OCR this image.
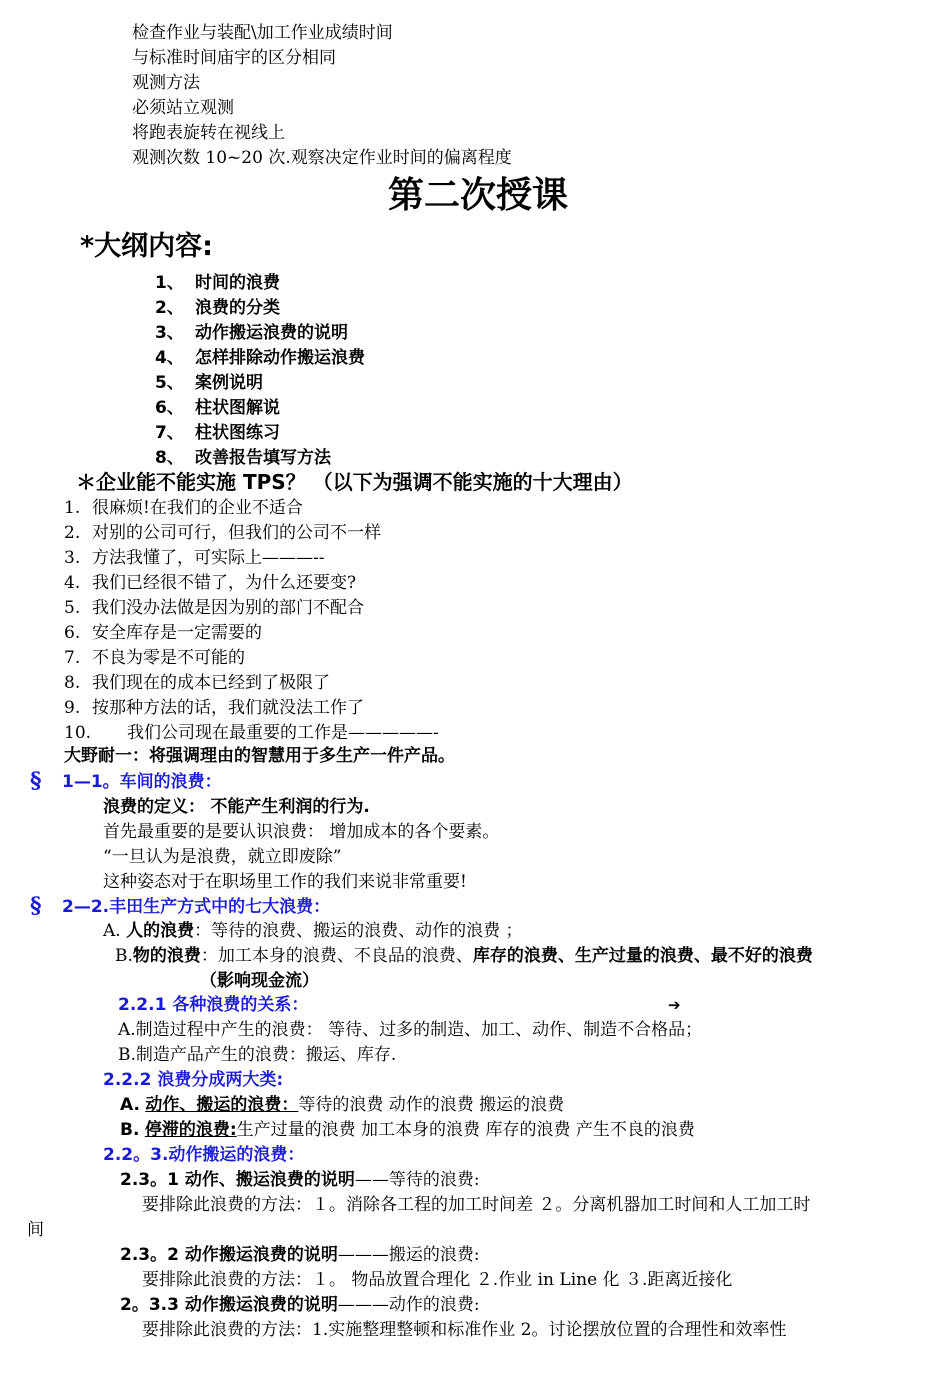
检查作业与装配\加工作业成绩时间
与标准时间庙宇的区分相同
观测方法
必须站立观测
将跑表旋转在视线上
观测次数 10~20 次.观察决定作业时间的偏离程度
第二次授课
*大纲内容:
1、 时间的浪费
2、 浪费的分类
3、 动作搬运浪费的说明
4、 怎样排除动作搬运浪费
5、 案例说明
6、 柱状图解说
7、 柱状图练习
8、 改善报告填写方法
＊企业能不能实施 TPS？ （以下为强调不能实施的十大理由）
1. 很麻烦!在我们的企业不适合
2. 对别的公司可行，但我们的公司不一样
3. 方法我懂了，可实际上———--
4. 我们已经很不错了，为什么还要变?
5. 我们没办法做是因为别的部门不配合
6. 安全库存是一定需要的
7. 不良为零是不可能的
8. 我们现在的成本已经到了极限了
9. 按那种方法的话，我们就没法工作了
10. 我们公司现在最重要的工作是—————-
大野耐一：将强调理由的智慧用于多生产一件产品。
§ 1—1。车间的浪费：
浪费的定义： 不能产生利润的行为.
首先最重要的是要认识浪费： 增加成本的各个要素。
“一旦认为是浪费，就立即废除”
这种姿态对于在职场里工作的我们来说非常重要!
§ 2—2.丰田生产方式中的七大浪费：
A. 人的浪费：等待的浪费、搬运的浪费、动作的浪费 ；
B.物的浪费：加工本身的浪费、不良品的浪费、库存的浪费、生产过量的浪费、最不好的浪费
（影响现金流）
2.2.1 各种浪费的关系：	➔
A.制造过程中产生的浪费： 等待、过多的制造、加工、动作、制造不合格品；
B.制造产品产生的浪费：搬运、库存.
2.2.2 浪费分成两大类:
A. 动作、搬运的浪费：等待的浪费 动作的浪费 搬运的浪费
B. 停滞的浪费:生产过量的浪费 加工本身的浪费 库存的浪费 产生不良的浪费
2.2。3.动作搬运的浪费：
2.3。1 动作、搬运浪费的说明——等待的浪费:
要排除此浪费的方法：１。消除各工程的加工时间差 ２。分离机器加工时间和人工加工时
间
2.3。2 动作搬运浪费的说明———搬运的浪费:
要排除此浪费的方法：１。 物品放置合理化 ２.作业 in Line 化 ３.距离近接化
2。3.3 动作搬运浪费的说明———动作的浪费:
要排除此浪费的方法：1.实施整理整顿和标准作业 2。讨论摆放位置的合理性和效率性
